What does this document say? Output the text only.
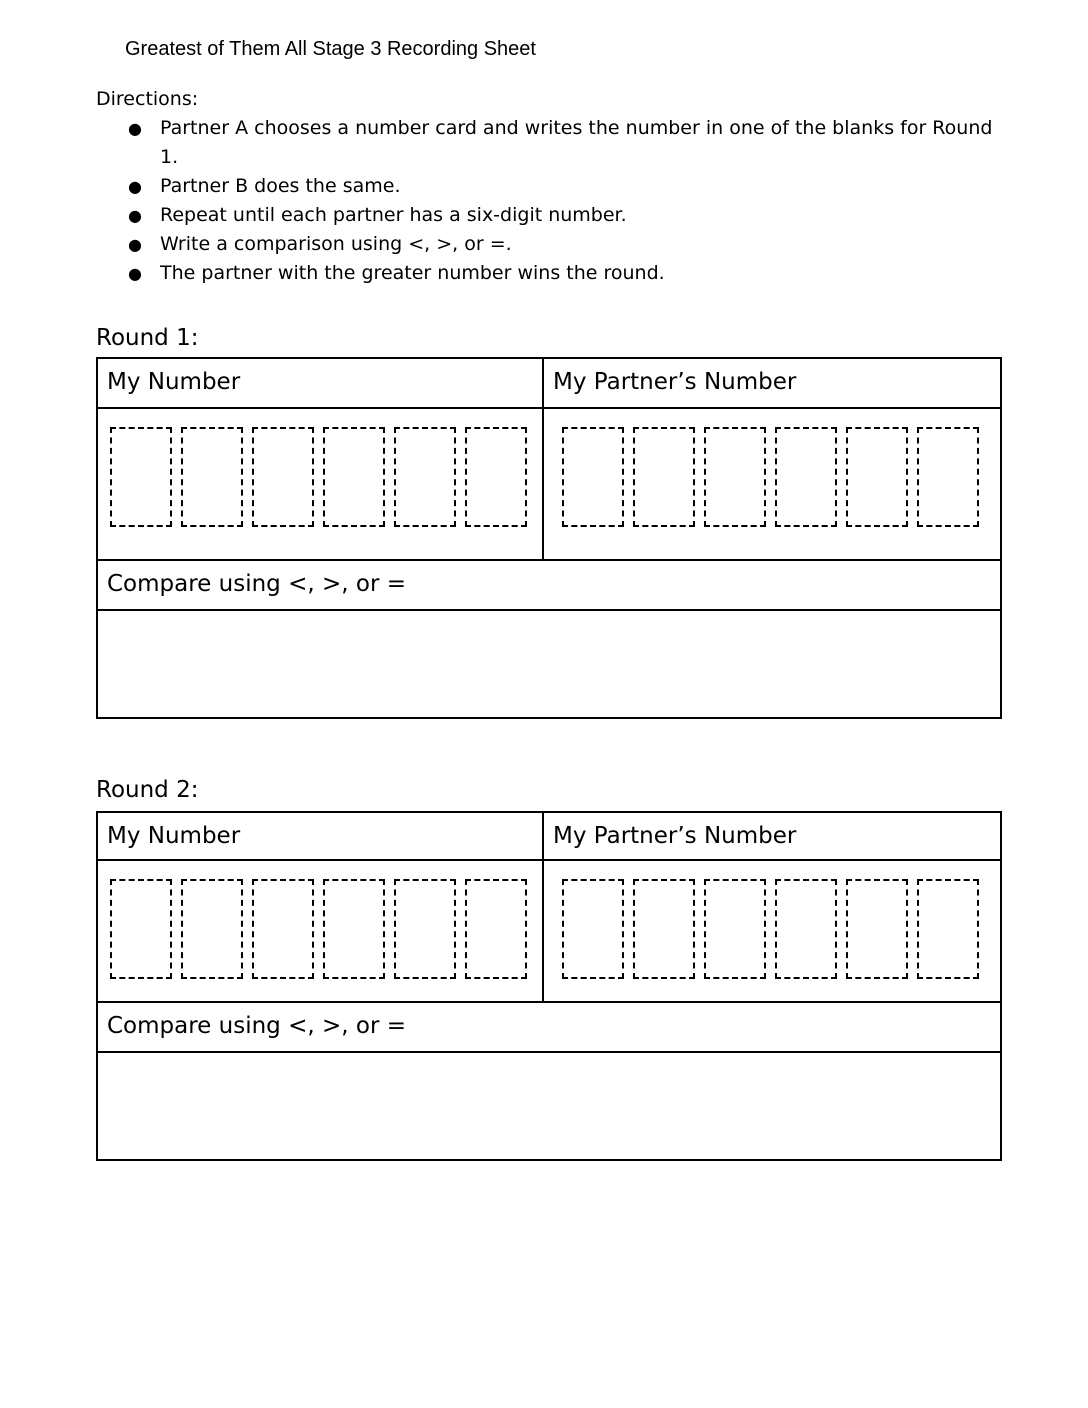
Greatest of Them All Stage 3 Recording Sheet
Directions:
● Partner A chooses a number card and writes the number in one of the blanks for Round 1.
● Partner B does the same.
● Repeat until each partner has a six-digit number.
● Write a comparison using <, >, or =.
● The partner with the greater number wins the round.
Round 1:
My Number	My Partner’s Number
Compare using <, >, or =
Round 2:
My Number	My Partner’s Number
Compare using <, >, or =
